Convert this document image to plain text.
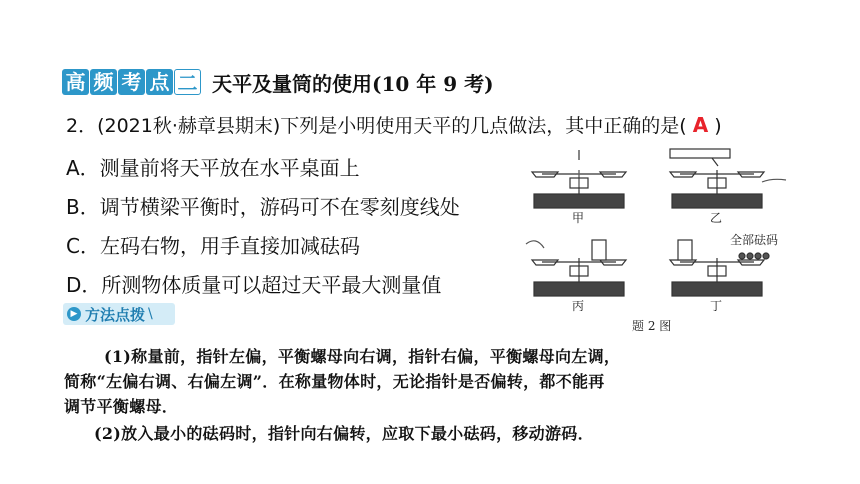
高 频 考 点 二 天平及量筒的使用(10 年 9 考)
2．(2021秋·赫章县期末)下列是小明使用天平的几点做法，其中正确的是( A )
A．测量前将天平放在水平桌面上
B．调节横梁平衡时，游码可不在零刻度线处
C．左码右物，用手直接加减砝码
D．所测物体质量可以超过天平最大测量值
▶ 方法点拨 \
(1)称量前，指针左偏，平衡螺母向右调，指针右偏，平衡螺母向左调，
简称“左偏右调、右偏左调”．在称量物体时，无论指针是否偏转，都不能再
调节平衡螺母．
(2)放入最小的砝码时，指针向右偏转，应取下最小砝码，移动游码．
甲	乙
丙
全部砝码
丁
题 2 图
